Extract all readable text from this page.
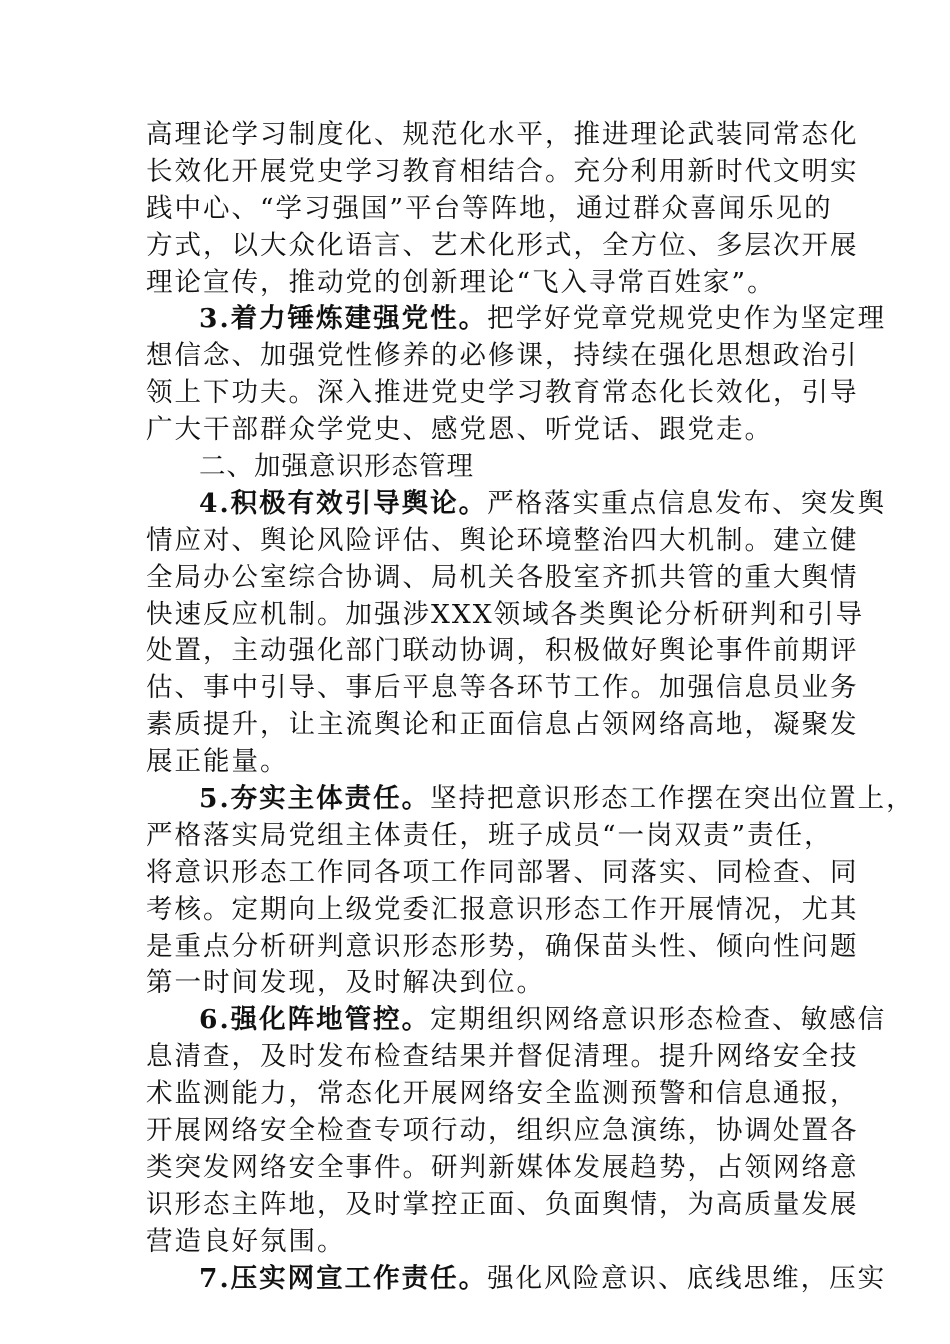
高理论学习制度化、规范化水平，推进理论武装同常态化
长效化开展党史学习教育相结合。充分利用新时代文明实
践中心、“学习强国”平台等阵地，通过群众喜闻乐见的
方式，以大众化语言、艺术化形式，全方位、多层次开展
理论宣传，推动党的创新理论“飞入寻常百姓家”。
3.着力锤炼建强党性。把学好党章党规党史作为坚定理
想信念、加强党性修养的必修课，持续在强化思想政治引
领上下功夫。深入推进党史学习教育常态化长效化，引导
广大干部群众学党史、感党恩、听党话、跟党走。
二、加强意识形态管理
4.积极有效引导舆论。严格落实重点信息发布、突发舆
情应对、舆论风险评估、舆论环境整治四大机制。建立健
全局办公室综合协调、局机关各股室齐抓共管的重大舆情
快速反应机制。加强涉XXX领域各类舆论分析研判和引导
处置，主动强化部门联动协调，积极做好舆论事件前期评
估、事中引导、事后平息等各环节工作。加强信息员业务
素质提升，让主流舆论和正面信息占领网络高地，凝聚发
展正能量。
5.夯实主体责任。坚持把意识形态工作摆在突出位置上，
严格落实局党组主体责任，班子成员“一岗双责”责任，
将意识形态工作同各项工作同部署、同落实、同检查、同
考核。定期向上级党委汇报意识形态工作开展情况，尤其
是重点分析研判意识形态形势，确保苗头性、倾向性问题
第一时间发现，及时解决到位。
6.强化阵地管控。定期组织网络意识形态检查、敏感信
息清查，及时发布检查结果并督促清理。提升网络安全技
术监测能力，常态化开展网络安全监测预警和信息通报，
开展网络安全检查专项行动，组织应急演练，协调处置各
类突发网络安全事件。研判新媒体发展趋势，占领网络意
识形态主阵地，及时掌控正面、负面舆情，为高质量发展
营造良好氛围。
7.压实网宣工作责任。强化风险意识、底线思维，压实
